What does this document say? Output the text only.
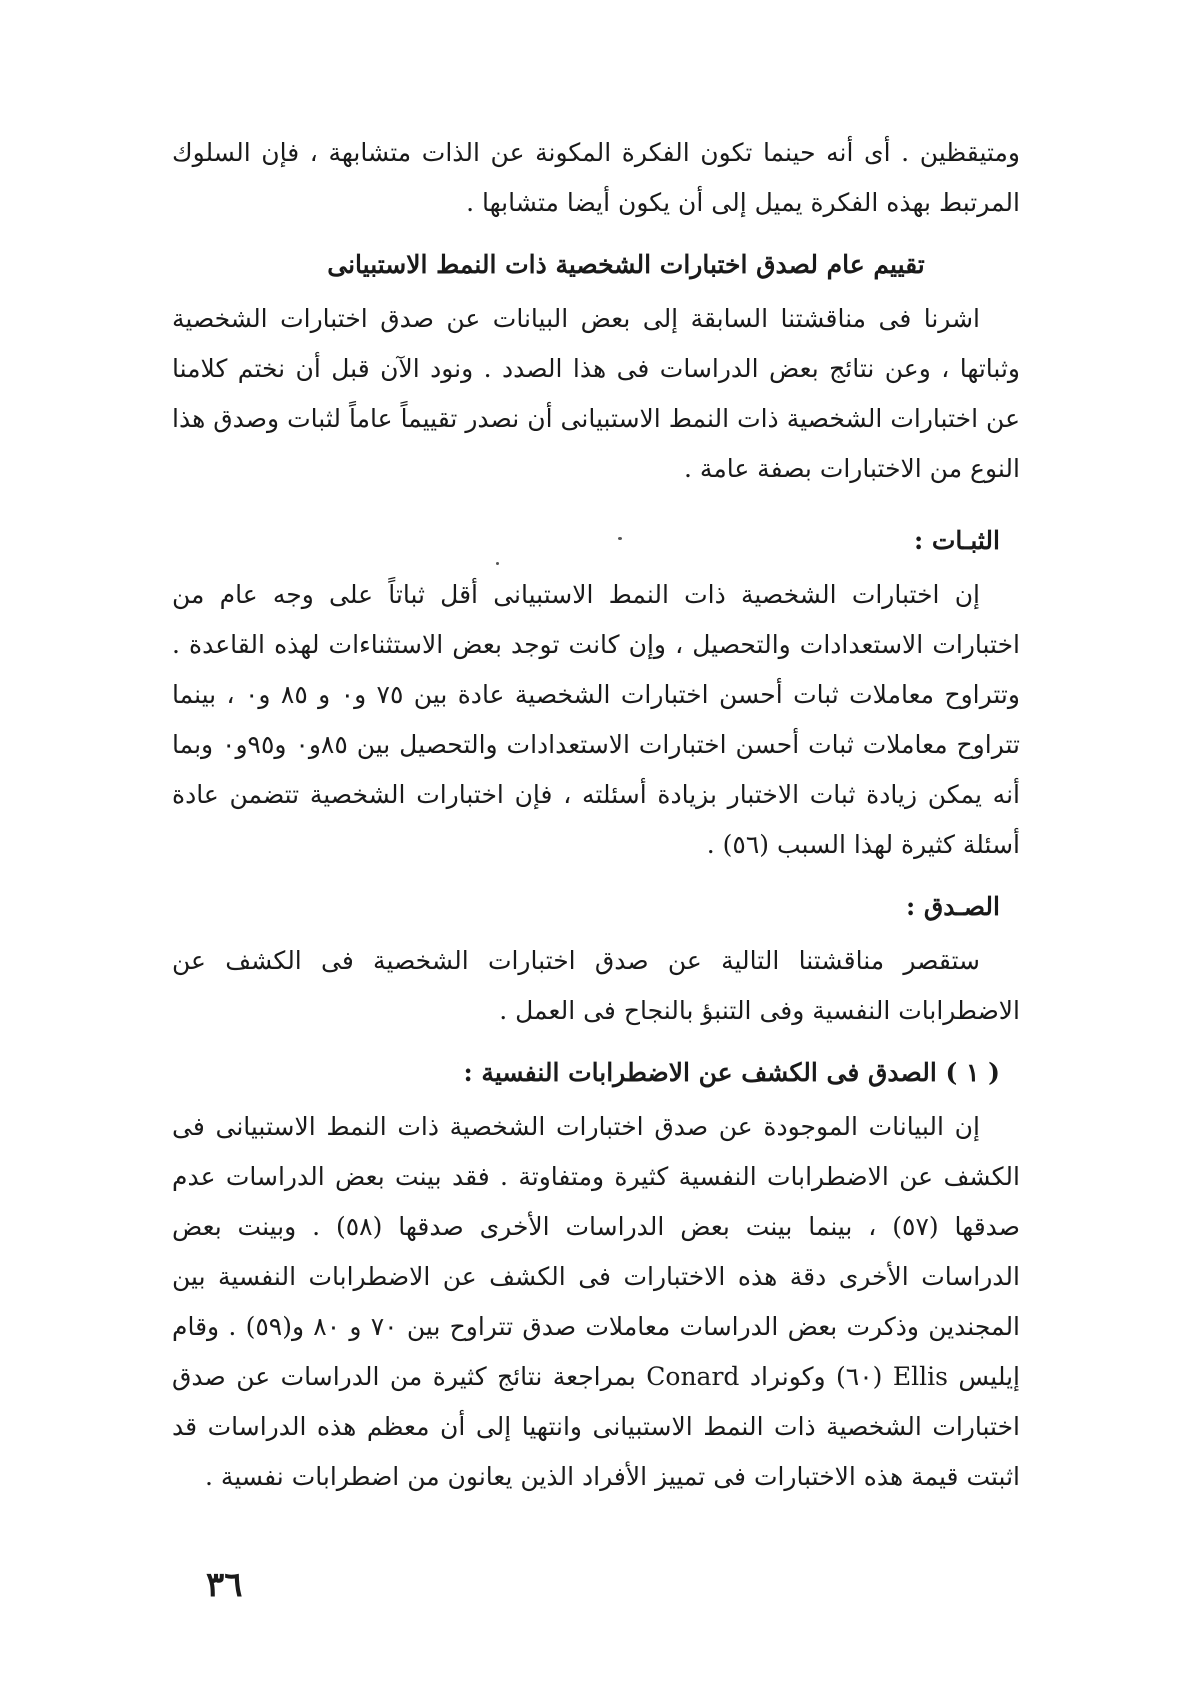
ومتيقظين . أى أنه حينما تكون الفكرة المكونة عن الذات متشابهة ، فإن السلوك المرتبط بهذه الفكرة يميل إلى أن يكون أيضا متشابها .

تقييم عام لصدق اختبارات الشخصية ذات النمط الاستبيانى

اشرنا فى مناقشتنا السابقة إلى بعض البيانات عن صدق اختبارات الشخصية وثباتها ، وعن نتائج بعض الدراسات فى هذا الصدد . ونود الآن قبل أن نختم كلامنا عن اختبارات الشخصية ذات النمط الاستبيانى أن نصدر تقييماً عاماً لثبات وصدق هذا النوع من الاختبارات بصفة عامة .

الثبـات :

إن اختبارات الشخصية ذات النمط الاستبيانى أقل ثباتاً على وجه عام من اختبارات الاستعدادات والتحصيل ، وإن كانت توجد بعض الاستثناءات لهذه القاعدة . وتتراوح معاملات ثبات أحسن اختبارات الشخصية عادة بين ٧٥ و٠ و ٨٥ و٠ ، بينما تتراوح معاملات ثبات أحسن اختبارات الاستعدادات والتحصيل بين ٨٥و٠ و٩٥و٠ وبما أنه يمكن زيادة ثبات الاختبار بزيادة أسئلته ، فإن اختبارات الشخصية تتضمن عادة أسئلة كثيرة لهذا السبب (٥٦) .

الصـدق :

ستقصر مناقشتنا التالية عن صدق اختبارات الشخصية فى الكشف عن الاضطرابات النفسية وفى التنبؤ بالنجاح فى العمل .

( ١ ) الصدق فى الكشف عن الاضطرابات النفسية :

إن البيانات الموجودة عن صدق اختبارات الشخصية ذات النمط الاستبيانى فى الكشف عن الاضطرابات النفسية كثيرة ومتفاوتة . فقد بينت بعض الدراسات عدم صدقها (٥٧) ، بينما بينت بعض الدراسات الأخرى صدقها (٥٨) . وبينت بعض الدراسات الأخرى دقة هذه الاختبارات فى الكشف عن الاضطرابات النفسية بين المجندين وذكرت بعض الدراسات معاملات صدق تتراوح بين ٧٠ و ٨٠ و(٥٩) . وقام إيليس Ellis (٦٠) وكونراد Conard بمراجعة نتائج كثيرة من الدراسات عن صدق اختبارات الشخصية ذات النمط الاستبيانى وانتهيا إلى أن معظم هذه الدراسات قد اثبتت قيمة هذه الاختبارات فى تمييز الأفراد الذين يعانون من اضطرابات نفسية .

٣٦
